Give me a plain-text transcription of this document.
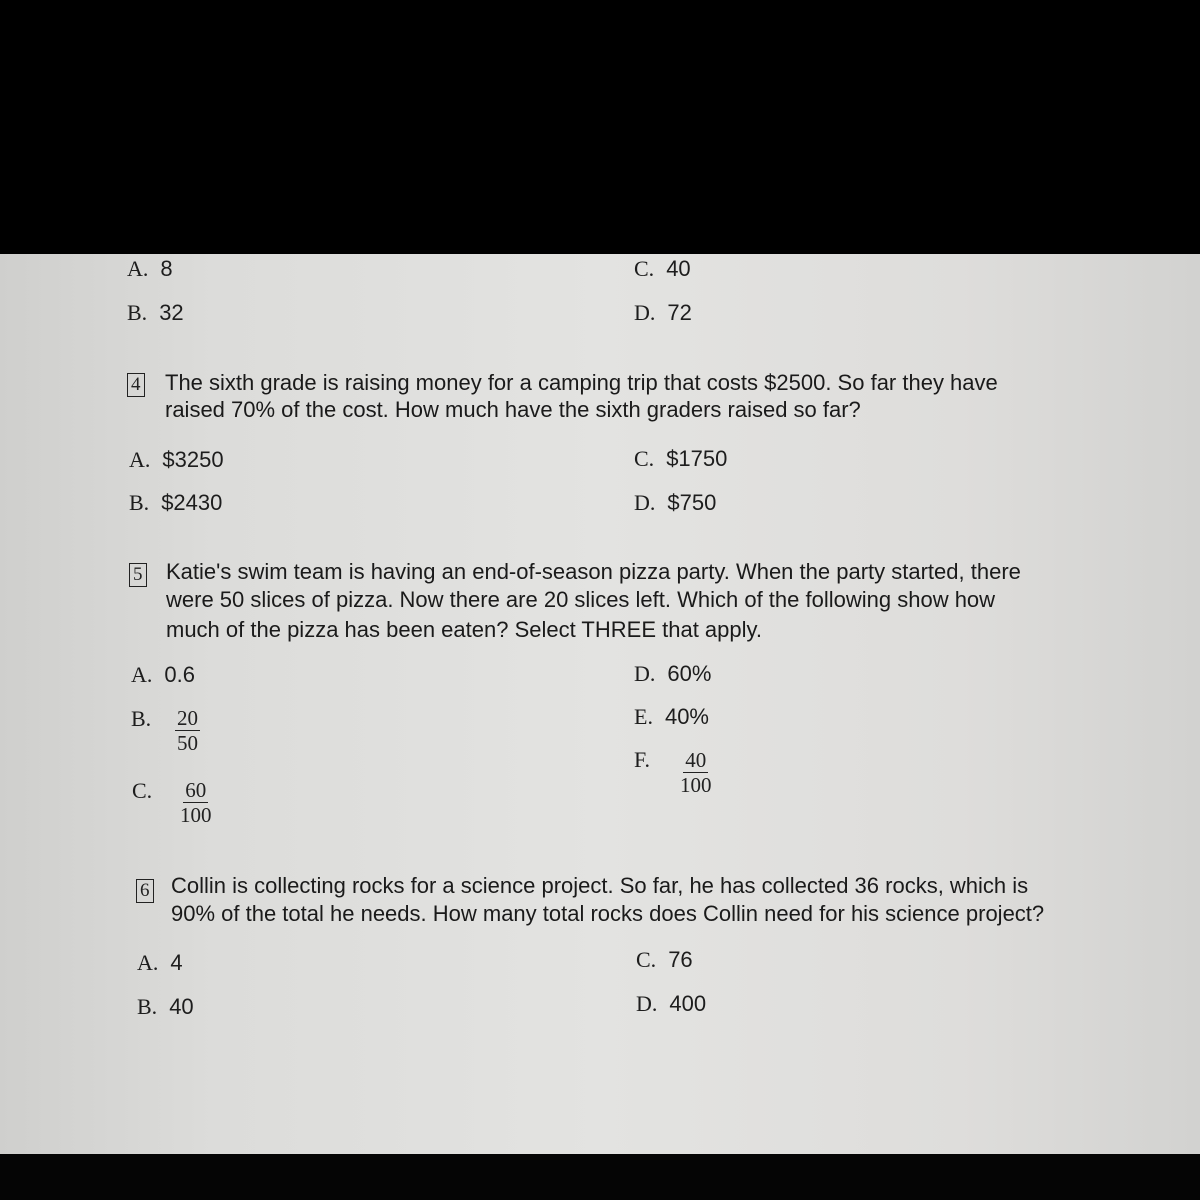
A. 8
B. 32
C. 40
D. 72
4 The sixth grade is raising money for a camping trip that costs $2500. So far they have
raised 70% of the cost. How much have the sixth graders raised so far?
A. $3250
B. $2430
C. $1750
D. $750
5 Katie's swim team is having an end-of-season pizza party. When the party started, there
were 50 slices of pizza. Now there are 20 slices left. Which of the following show how
much of the pizza has been eaten? Select THREE that apply.
A. 0.6
B.	$\frac{20}{50}$
C.	$\frac{60}{100}$
D. 60%
E. 40%
F.	$\frac{40}{100}$
6 Collin is collecting rocks for a science project. So far, he has collected 36 rocks, which is
90% of the total he needs. How many total rocks does Collin need for his science project?
A. 4
B. 40
C. 76
D. 400
